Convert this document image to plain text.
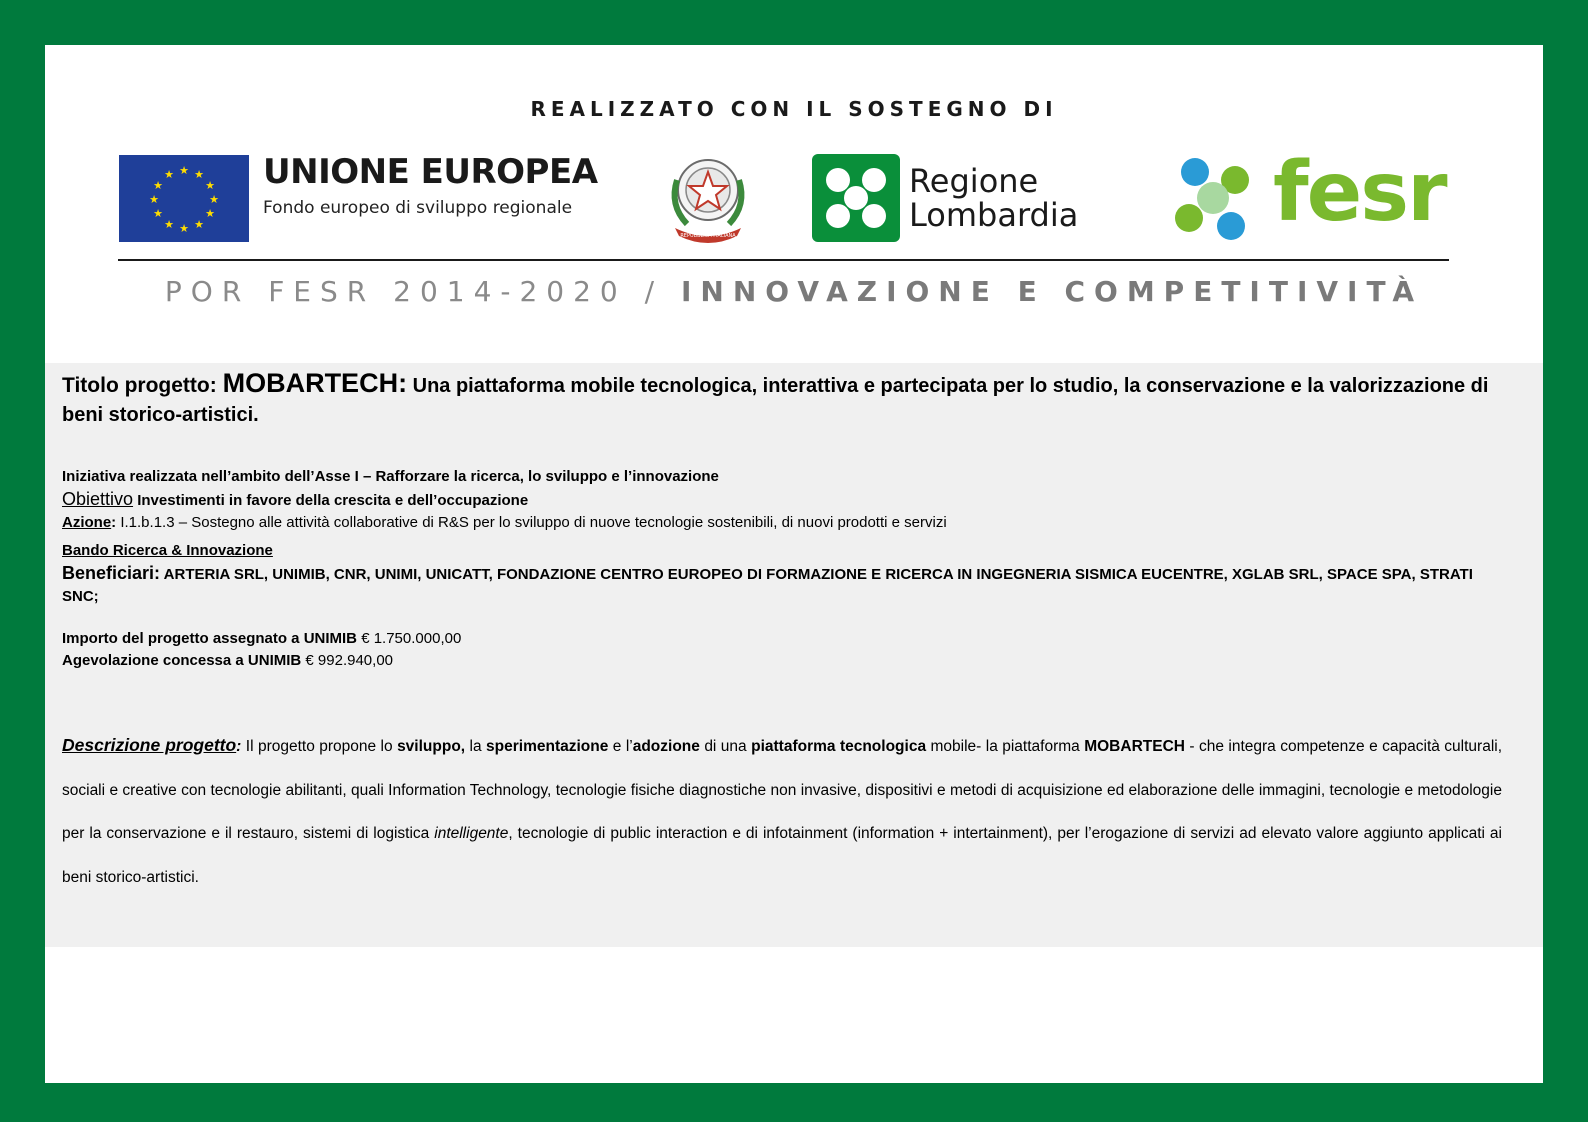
REALIZZATO CON IL SOSTEGNO DI
★ ★
★
★
★
★
★
★
★
★
★
★	UNIONE EUROPEA
Fondo europeo di sviluppo regionale
REPUBBLICA ITALIANA
Regione
Lombardia fesr
POR FESR 2014-2020 / INNOVAZIONE E COMPETITIVITÀ
Titolo progetto: MOBARTECH: Una piattaforma mobile tecnologica, interattiva e partecipata per lo studio, la conservazione e la valorizzazione di beni storico-artistici.
Iniziativa realizzata nell’ambito dell’Asse I – Rafforzare la ricerca, lo sviluppo e l’innovazione
Obiettivo Investimenti in favore della crescita e dell’occupazione
Azione: I.1.b.1.3 – Sostegno alle attività collaborative di R&S per lo sviluppo di nuove tecnologie sostenibili, di nuovi prodotti e servizi
Bando Ricerca & Innovazione
Beneficiari: ARTERIA SRL, UNIMIB, CNR, UNIMI, UNICATT, FONDAZIONE CENTRO EUROPEO DI FORMAZIONE E RICERCA IN INGEGNERIA SISMICA EUCENTRE, XGLAB SRL, SPACE SPA, STRATI SNC;
Importo del progetto assegnato a UNIMIB € 1.750.000,00
Agevolazione concessa a UNIMIB € 992.940,00
Descrizione progetto: Il progetto propone lo sviluppo, la sperimentazione e l’adozione di una piattaforma tecnologica mobile- la piattaforma MOBARTECH - che integra competenze e capacità culturali, sociali e creative con tecnologie abilitanti, quali Information Technology, tecnologie fisiche diagnostiche non invasive, dispositivi e metodi di acquisizione ed elaborazione delle immagini, tecnologie e metodologie per la conservazione e il restauro, sistemi di logistica intelligente, tecnologie di public interaction e di infotainment (information + intertainment), per l’erogazione di servizi ad elevato valore aggiunto applicati ai beni storico-artistici.
